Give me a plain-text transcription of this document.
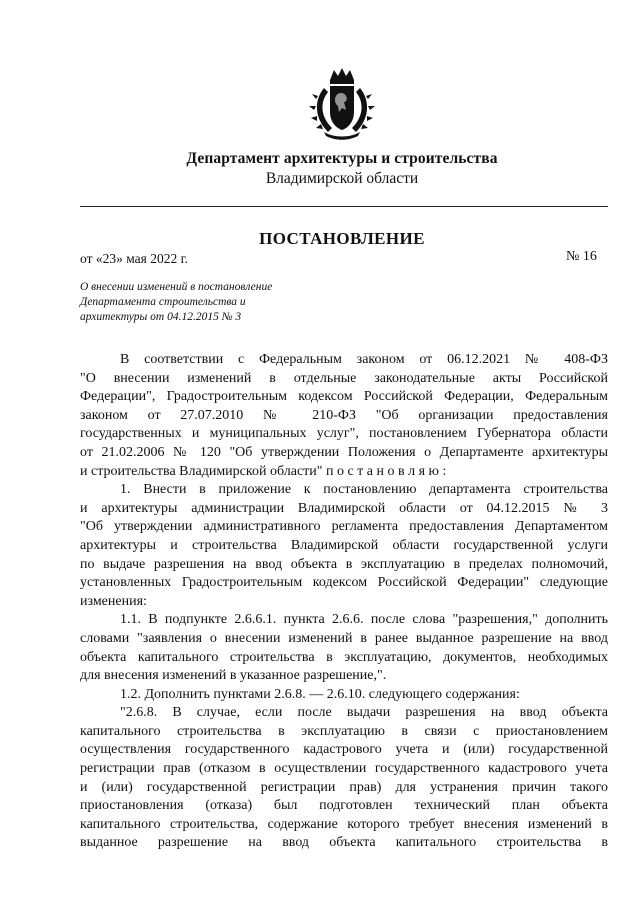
Департамент архитектуры и строительства
Владимирской области
ПОСТАНОВЛЕНИЕ
от «23» мая 2022 г.	№ 16
О внесении изменений в постановление
Департамента строительства и
архитектуры от 04.12.2015 № 3
В соответствии с Федеральным законом от 06.12.2021 № 408-ФЗ
"О внесении изменений в отдельные законодательные акты Российской
Федерации", Градостроительным кодексом Российской Федерации, Федеральным
законом от 27.07.2010 № 210-ФЗ "Об организации предоставления
государственных и муниципальных услуг", постановлением Губернатора области
от 21.02.2006 № 120 "Об утверждении Положения о Департаменте архитектуры
и строительства Владимирской области" п о с т а н о в л я ю :
1. Внести в приложение к постановлению департамента строительства
и архитектуры администрации Владимирской области от 04.12.2015 № 3
"Об утверждении административного регламента предоставления Департаментом
архитектуры и строительства Владимирской области государственной услуги
по выдаче разрешения на ввод объекта в эксплуатацию в пределах полномочий,
установленных Градостроительным кодексом Российской Федерации" следующие
изменения:
1.1. В подпункте 2.6.6.1. пункта 2.6.6. после слова "разрешения," дополнить
словами "заявления о внесении изменений в ранее выданное разрешение на ввод
объекта капитального строительства в эксплуатацию, документов, необходимых
для внесения изменений в указанное разрешение,".
1.2. Дополнить пунктами 2.6.8. — 2.6.10. следующего содержания:
"2.6.8. В случае, если после выдачи разрешения на ввод объекта
капитального строительства в эксплуатацию в связи с приостановлением
осуществления государственного кадастрового учета и (или) государственной
регистрации прав (отказом в осуществлении государственного кадастрового учета
и (или) государственной регистрации прав) для устранения причин такого
приостановления (отказа) был подготовлен технический план объекта
капитального строительства, содержание которого требует внесения изменений в
выданное разрешение на ввод объекта капитального строительства в
